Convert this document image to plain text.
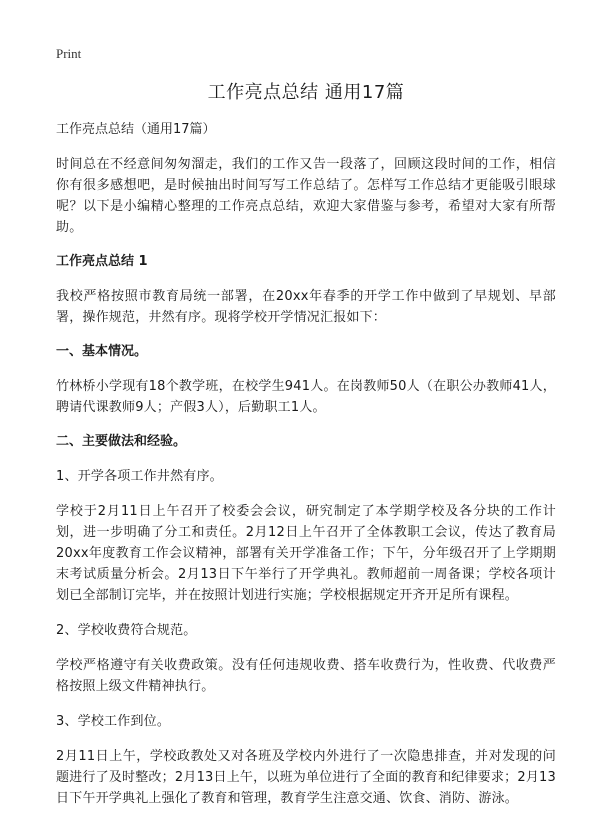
Print

工作亮点总结 通用17篇

工作亮点总结（通用17篇）

时间总在不经意间匆匆溜走，我们的工作又告一段落了，回顾这段时间的工作，相信你有很多感想吧，是时候抽出时间写写工作总结了。怎样写工作总结才更能吸引眼球呢？以下是小编精心整理的工作亮点总结，欢迎大家借鉴与参考，希望对大家有所帮助。

工作亮点总结 1

我校严格按照市教育局统一部署，在20xx年春季的开学工作中做到了早规划、早部署，操作规范，井然有序。现将学校开学情况汇报如下：

一、基本情况。

竹林桥小学现有18个教学班，在校学生941人。在岗教师50人（在职公办教师41人，聘请代课教师9人；产假3人），后勤职工1人。

二、主要做法和经验。

1、开学各项工作井然有序。

学校于2月11日上午召开了校委会会议，研究制定了本学期学校及各分块的工作计划，进一步明确了分工和责任。2月12日上午召开了全体教职工会议，传达了教育局20xx年度教育工作会议精神，部署有关开学准备工作；下午，分年级召开了上学期期末考试质量分析会。2月13日下午举行了开学典礼。教师超前一周备课；学校各项计划已全部制订完毕，并在按照计划进行实施；学校根据规定开齐开足所有课程。

2、学校收费符合规范。

学校严格遵守有关收费政策。没有任何违规收费、搭车收费行为，性收费、代收费严格按照上级文件精神执行。

3、学校工作到位。

2月11日上午，学校政教处又对各班及学校内外进行了一次隐患排查，并对发现的问题进行了及时整改；2月13日上午，以班为单位进行了全面的教育和纪律要求；2月13日下午开学典礼上强化了教育和管理，教育学生注意交通、饮食、消防、游泳。
